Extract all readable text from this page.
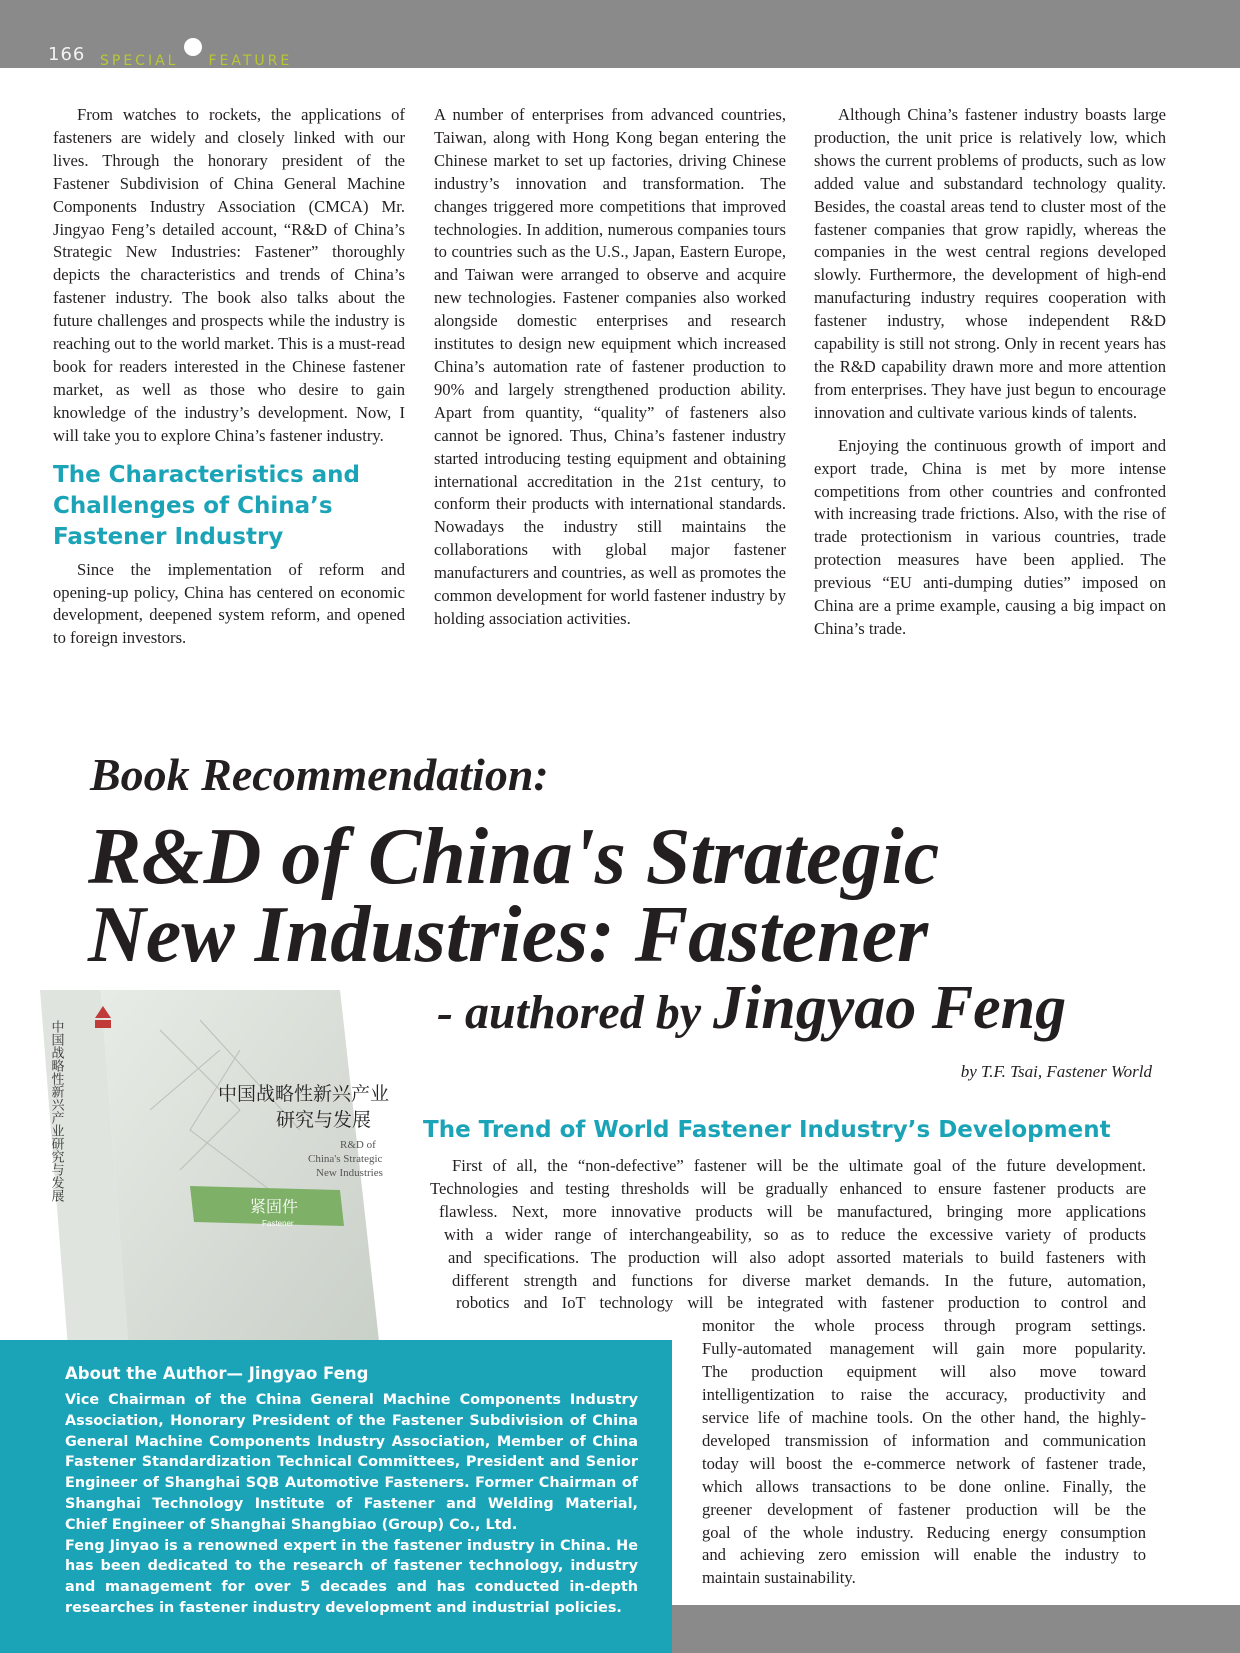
166 SPECIAL FEATURE

From watches to rockets, the applications of fasteners are widely and closely linked with our lives. Through the honorary president of the Fastener Subdivision of China General Machine Components Industry Association (CMCA) Mr. Jingyao Feng’s detailed account, “R&D of China’s Strategic New Industries: Fastener” thoroughly depicts the characteristics and trends of China’s fastener industry. The book also talks about the future challenges and prospects while the industry is reaching out to the world market. This is a must-read book for readers interested in the Chinese fastener market, as well as those who desire to gain knowledge of the industry’s development. Now, I will take you to explore China’s fastener industry.

The Characteristics and Challenges of China’s Fastener Industry

Since the implementation of reform and opening-up policy, China has centered on economic development, deepened system reform, and opened to foreign investors.

A number of enterprises from advanced countries, Taiwan, along with Hong Kong began entering the Chinese market to set up factories, driving Chinese industry’s innovation and transformation. The changes triggered more competitions that improved technologies. In addition, numerous companies tours to countries such as the U.S., Japan, Eastern Europe, and Taiwan were arranged to observe and acquire new technologies. Fastener companies also worked alongside domestic enterprises and research institutes to design new equipment which increased China’s automation rate of fastener production to 90% and largely strengthened production ability. Apart from quantity, “quality” of fasteners also cannot be ignored. Thus, China’s fastener industry started introducing testing equipment and obtaining international accreditation in the 21st century, to conform their products with international standards. Nowadays the industry still maintains the collaborations with global major fastener manufacturers and countries, as well as promotes the common development for world fastener industry by holding association activities.

Although China’s fastener industry boasts large production, the unit price is relatively low, which shows the current problems of products, such as low added value and substandard technology quality. Besides, the coastal areas tend to cluster most of the fastener companies that grow rapidly, whereas the companies in the west central regions developed slowly. Furthermore, the development of high-end manufacturing industry requires cooperation with fastener industry, whose independent R&D capability is still not strong. Only in recent years has the R&D capability drawn more and more attention from enterprises. They have just begun to encourage innovation and cultivate various kinds of talents.

Enjoying the continuous growth of import and export trade, China is met by more intense competitions from other countries and confronted with increasing trade frictions. Also, with the rise of trade protectionism in various countries, trade protection measures have been applied. The previous “EU anti-dumping duties” imposed on China are a prime example, causing a big impact on China’s trade.

Book Recommendation:
R&D of China's Strategic
New Industries: Fastener
- authored by Jingyao Feng
by T.F. Tsai, Fastener World
中国战略性新兴产业研究与发展	中国战略性新兴产业
研究与发展
R&D of
China's Strategic
New Industries
紧固件
Fastener
The Trend of World Fastener Industry’s Development
First of all, the “non-defective” fastener will be the ultimate goal of the future development.
Technologies and testing thresholds will be gradually enhanced to ensure fastener products are
flawless. Next, more innovative products will be manufactured, bringing more applications
with a wider range of interchangeability, so as to reduce the excessive variety of products
and specifications. The production will also adopt assorted materials to build fasteners with
different strength and functions for diverse market demands. In the future, automation,
robotics and IoT technology will be integrated with fastener production to control and
monitor the whole process through program settings.
Fully-automated management will gain more popularity.
The production equipment will also move toward
intelligentization to raise the accuracy, productivity and
service life of machine tools. On the other hand, the highly-
developed transmission of information and communication
today will boost the e-commerce network of fastener trade,
which allows transactions to be done online. Finally, the
greener development of fastener production will be the
goal of the whole industry. Reducing energy consumption
and achieving zero emission will enable the industry to
maintain sustainability.
About the Author— Jingyao Feng

Vice Chairman of the China General Machine Components Industry Association, Honorary President of the Fastener Subdivision of China General Machine Components Industry Association, Member of China Fastener Standardization Technical Committees, President and Senior Engineer of Shanghai SQB Automotive Fasteners. Former Chairman of Shanghai Technology Institute of Fastener and Welding Material, Chief Engineer of Shanghai Shangbiao (Group) Co., Ltd.

Feng Jinyao is a renowned expert in the fastener industry in China. He has been dedicated to the research of fastener technology, industry and management for over 5 decades and has conducted in-depth researches in fastener industry development and industrial policies.
